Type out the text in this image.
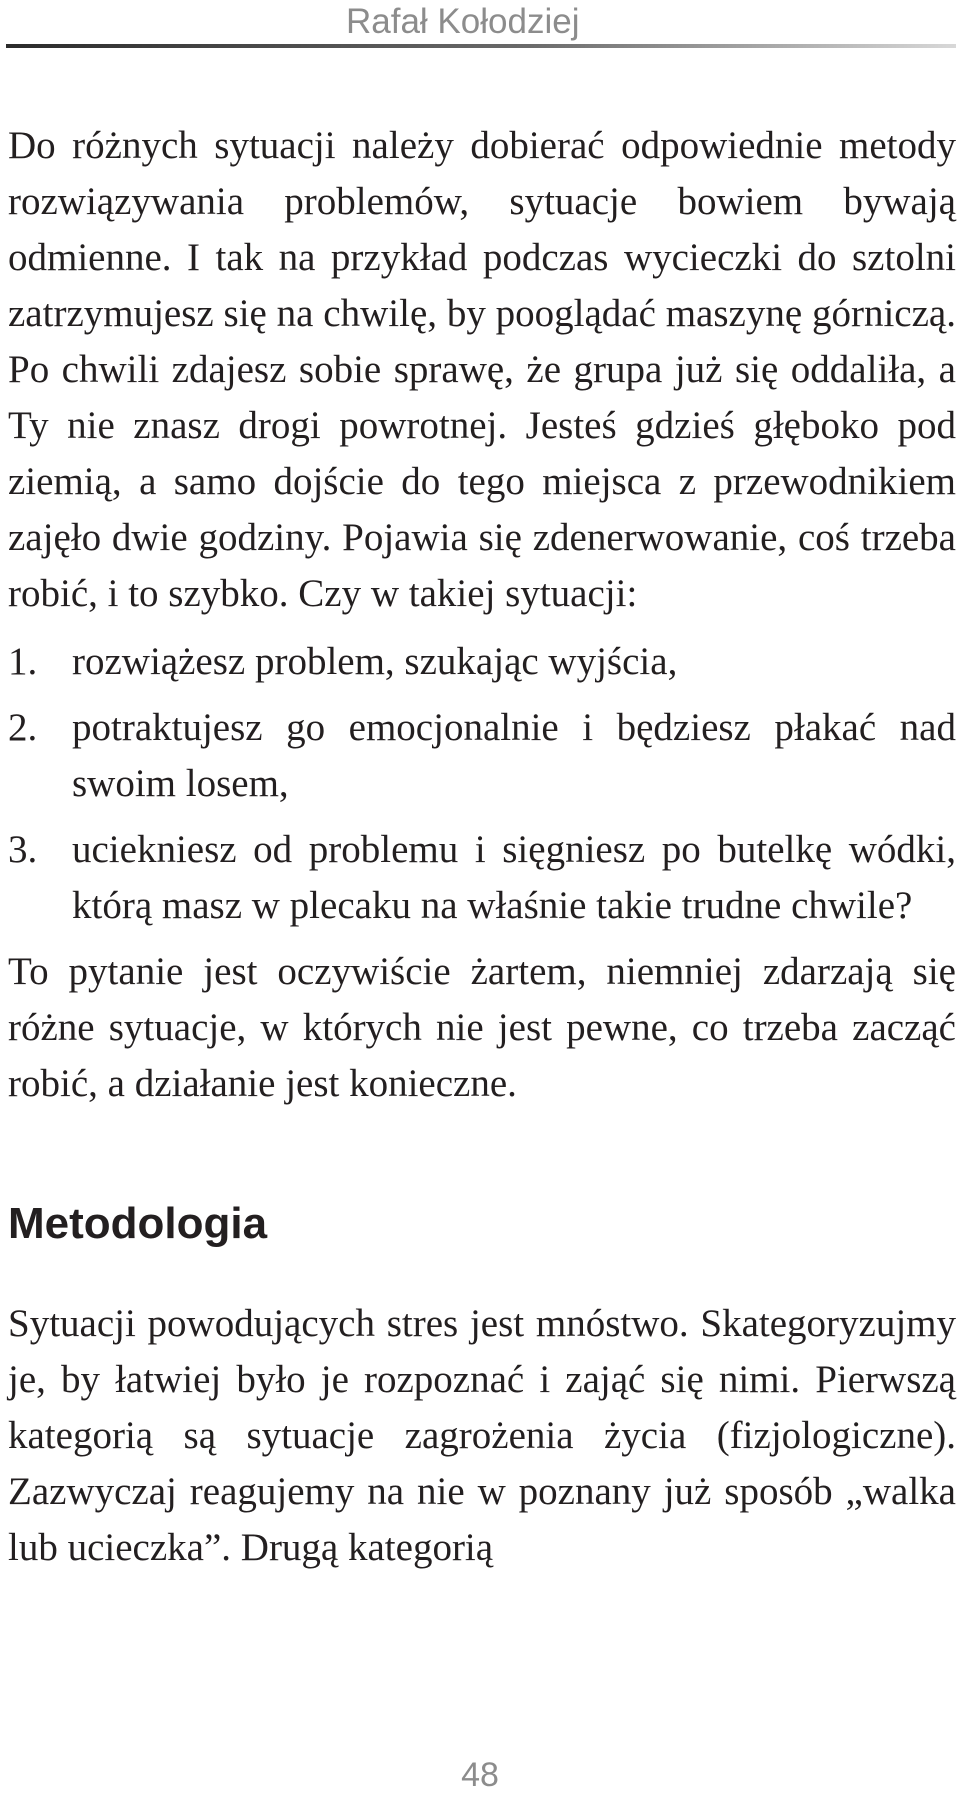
Rafał Kołodziej

Do różnych sytuacji należy dobierać odpowiednie metody rozwiązywania problemów, sytuacje bowiem bywają odmienne. I tak na przykład podczas wycieczki do sztolni zatrzymujesz się na chwilę, by pooglądać maszynę górniczą. Po chwili zdajesz sobie sprawę, że grupa już się oddaliła, a Ty nie znasz drogi powrotnej. Jesteś gdzieś głęboko pod ziemią, a samo dojście do tego miejsca z przewodnikiem zajęło dwie godziny. Pojawia się zdenerwowanie, coś trzeba robić, i to szybko. Czy w takiej sytuacji:

1. rozwiążesz problem, szukając wyjścia,
2. potraktujesz go emocjonalnie i będziesz płakać nad swoim losem,
3. uciekniesz od problemu i sięgniesz po butelkę wódki, którą masz w plecaku na właśnie takie trudne chwile?

To pytanie jest oczywiście żartem, niemniej zdarzają się różne sytuacje, w których nie jest pewne, co trzeba zacząć robić, a działanie jest konieczne.

Metodologia

Sytuacji powodujących stres jest mnóstwo. Skategoryzujmy je, by łatwiej było je rozpoznać i zająć się nimi. Pierwszą kategorią są sytuacje zagrożenia życia (fizjologiczne). Zazwyczaj reagujemy na nie w poznany już sposób „walka lub ucieczka”. Drugą kategorią

48
